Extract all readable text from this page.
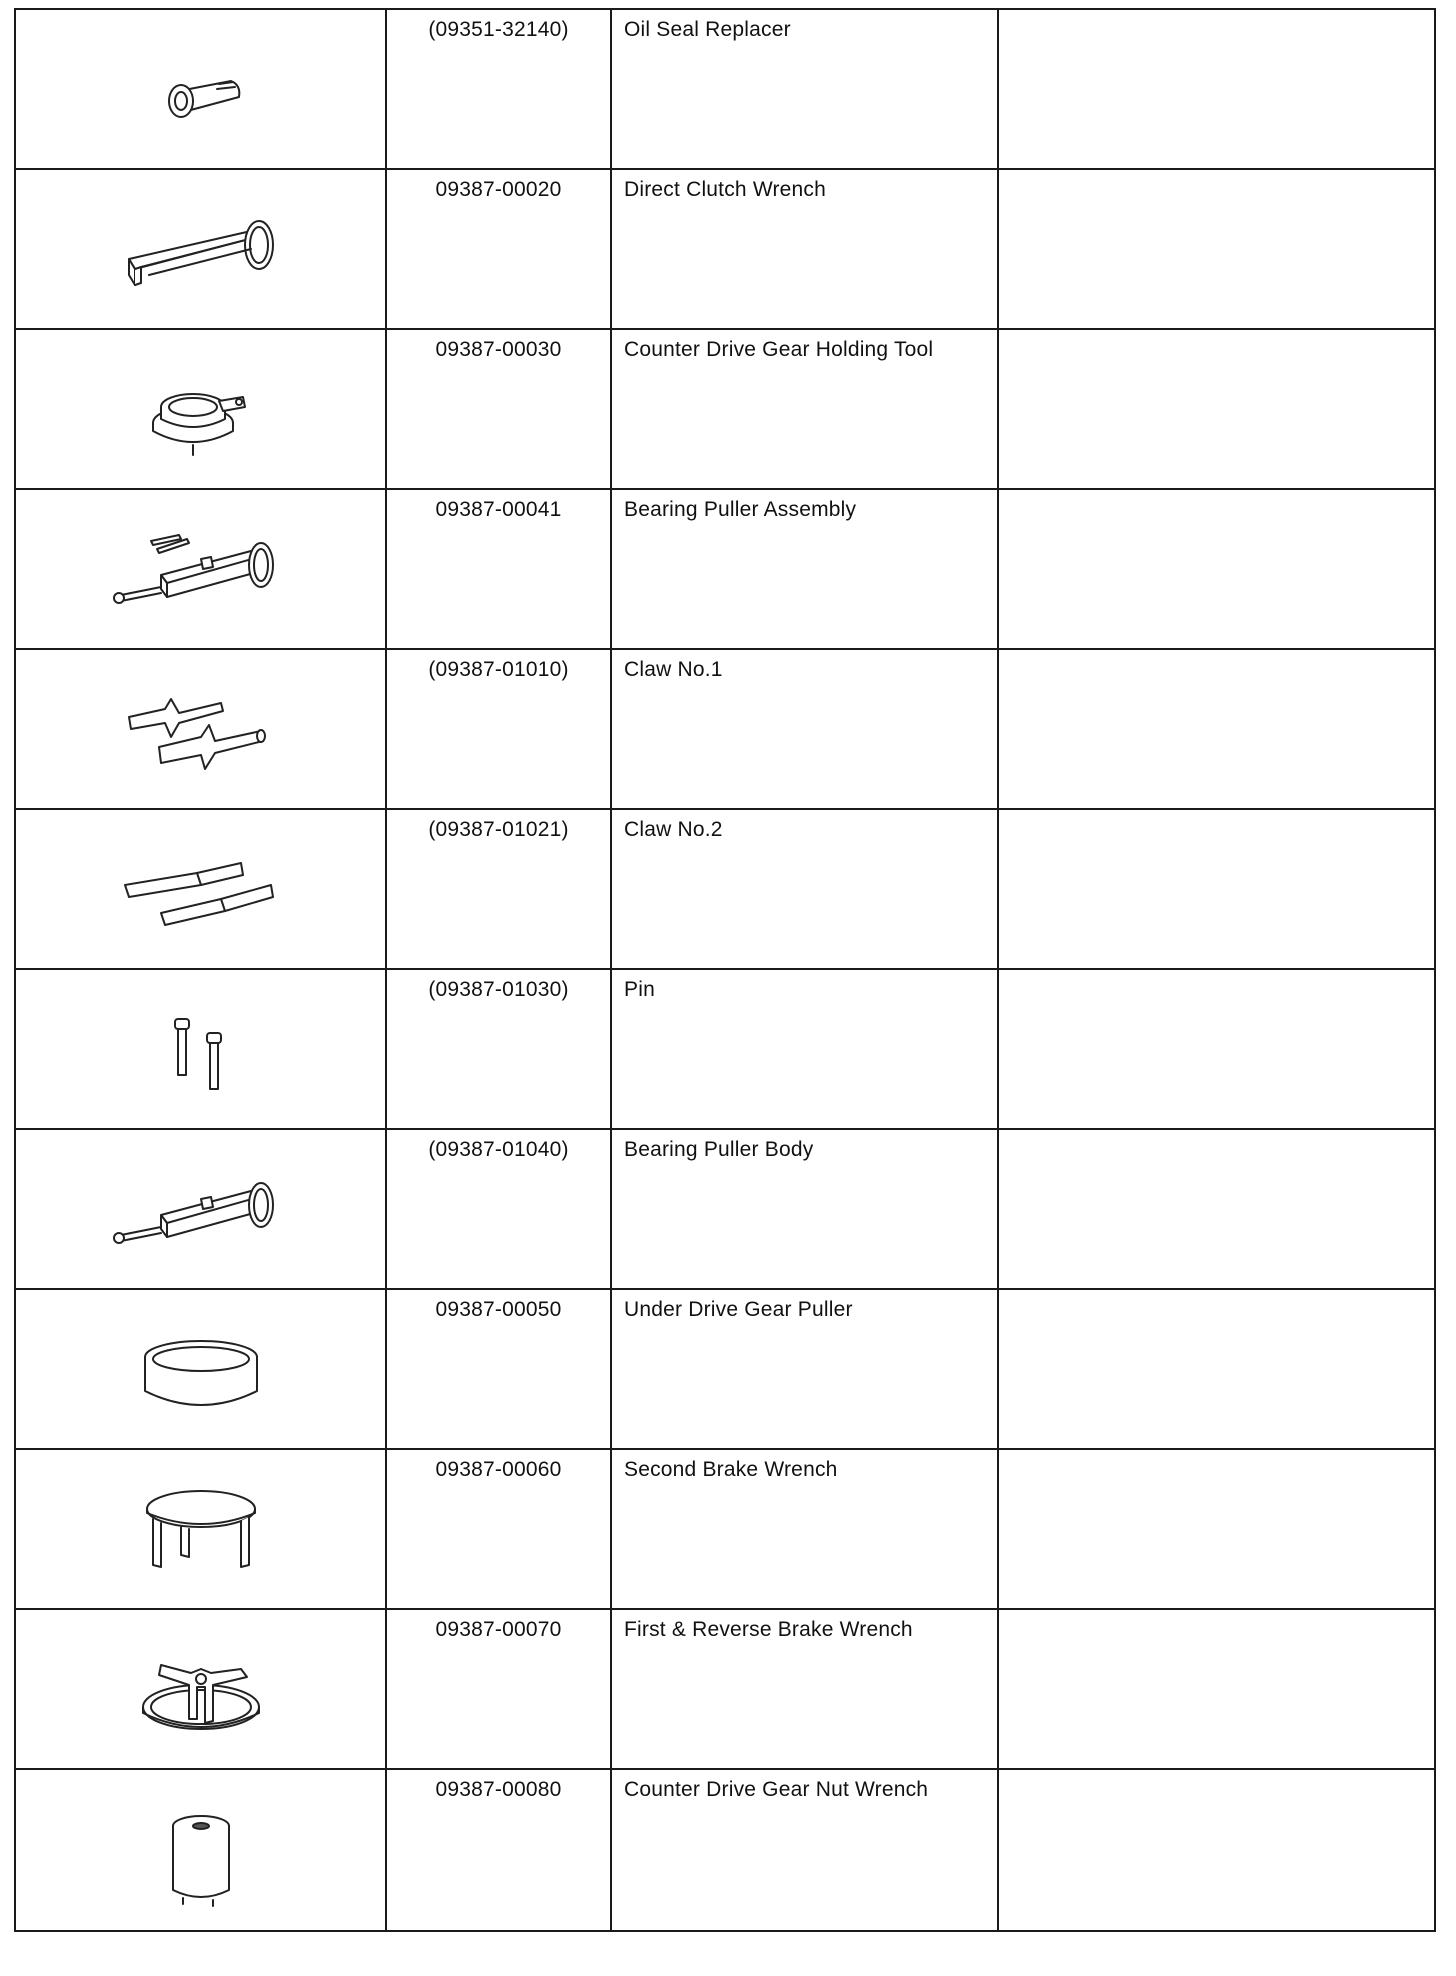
(09351-32140)	Oil Seal Replacer	

09387-00020	Direct Clutch Wrench	

09387-00030	Counter Drive Gear Holding Tool	

09387-00041	Bearing Puller Assembly	

(09387-01010)	Claw No.1	

(09387-01021)	Claw No.2	

(09387-01030)	Pin	

(09387-01040)	Bearing Puller Body	

09387-00050	Under Drive Gear Puller	

09387-00060	Second Brake Wrench	

09387-00070	First & Reverse Brake Wrench	

09387-00080	Counter Drive Gear Nut Wrench	
